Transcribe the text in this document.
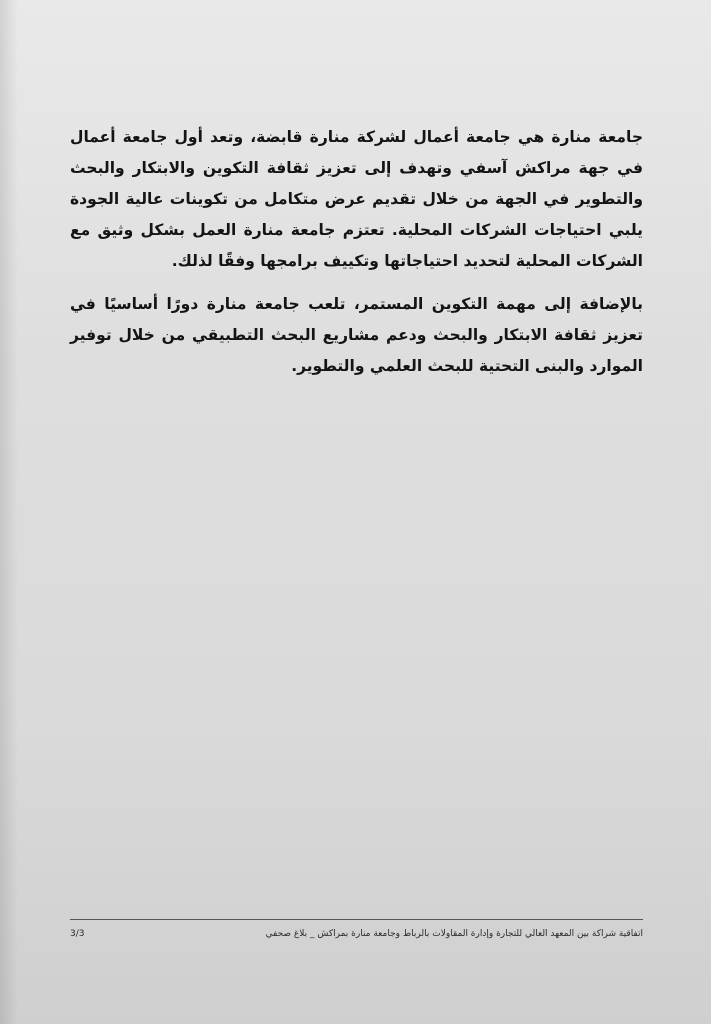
جامعة منارة هي جامعة أعمال لشركة منارة قابضة، وتعد أول جامعة أعمال في جهة مراكش آسفي وتهدف إلى تعزيز ثقافة التكوين والابتكار والبحث والتطوير في الجهة من خلال تقديم عرض متكامل من تكوينات عالية الجودة يلبي احتياجات الشركات المحلية. تعتزم جامعة منارة العمل بشكل وثيق مع الشركات المحلية لتحديد احتياجاتها وتكييف برامجها وفقًا لذلك.

بالإضافة إلى مهمة التكوين المستمر، تلعب جامعة منارة دورًا أساسيًا في تعزيز ثقافة الابتكار والبحث ودعم مشاريع البحث التطبيقي من خلال توفير الموارد والبنى التحتية للبحث العلمي والتطوير.

3/3	اتفاقية شراكة بين المعهد العالي للتجارة وإدارة المقاولات بالرباط وجامعة منارة بمراكش _ بلاغ صحفي
